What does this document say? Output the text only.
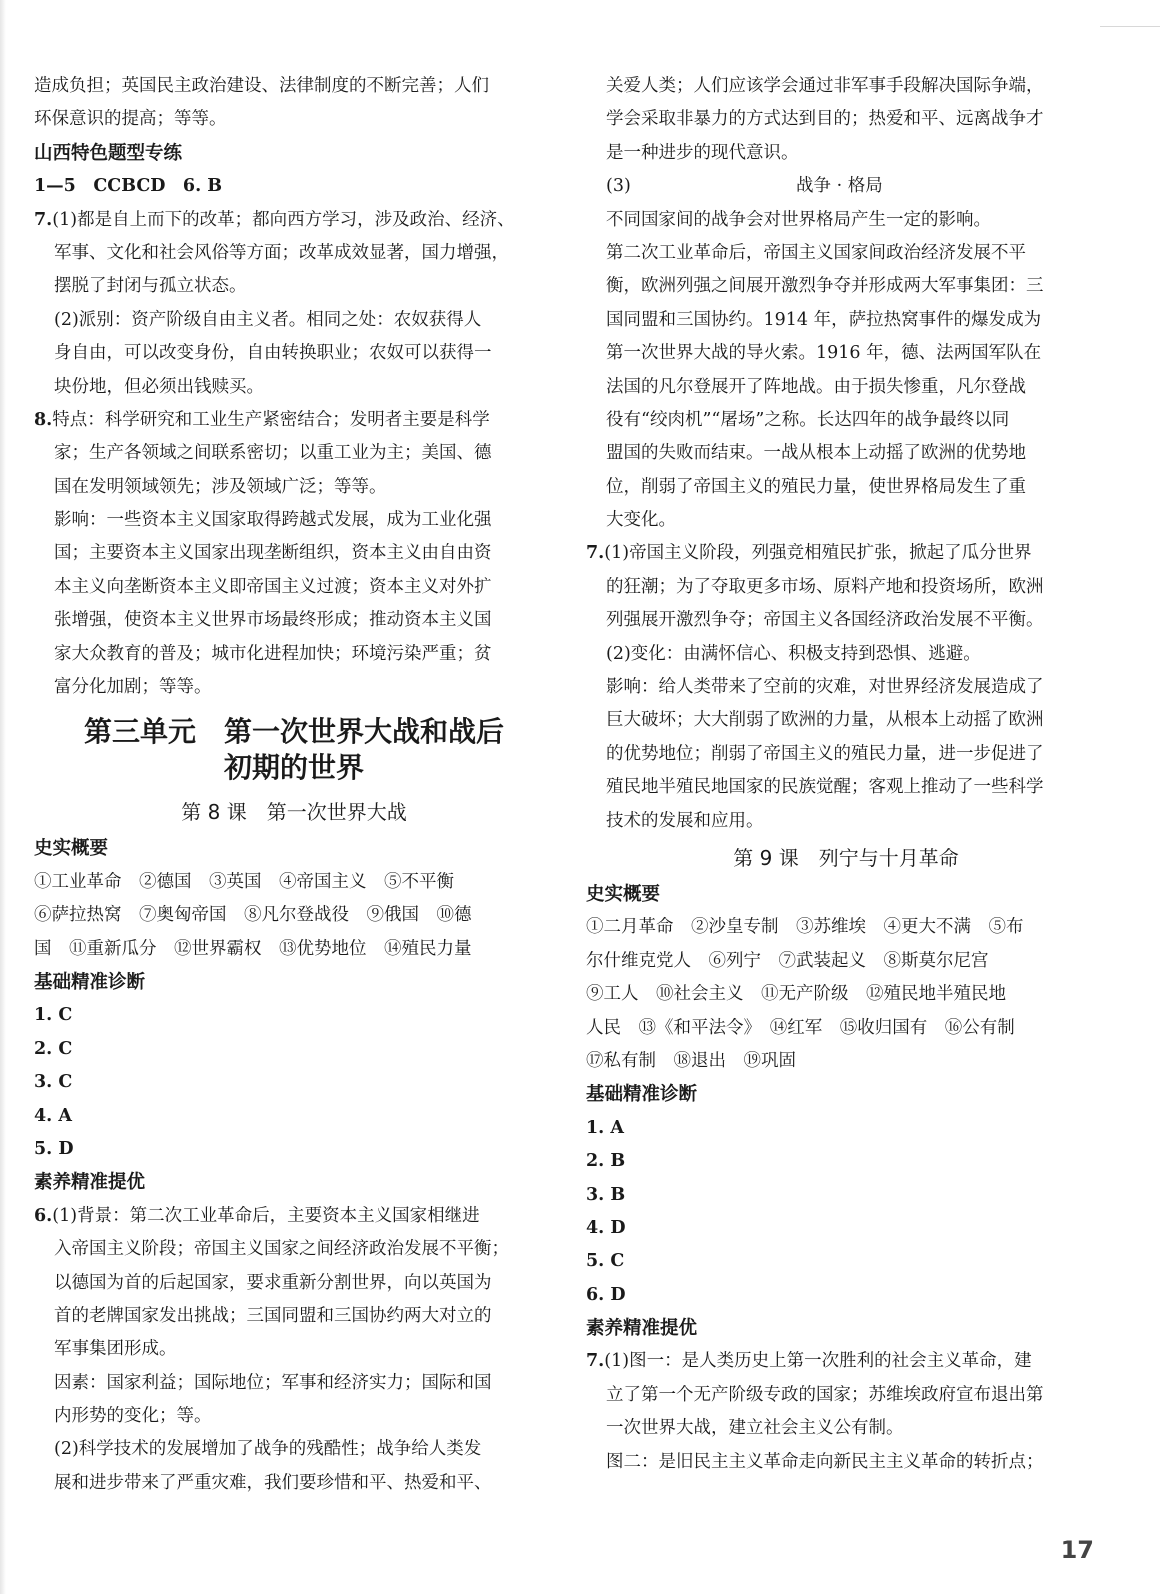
造成负担；英国民主政治建设、法律制度的不断完善；人们
环保意识的提高；等等。
山西特色题型专练
1—5　CCBCD　6. B
7.(1)都是自上而下的改革；都向西方学习，涉及政治、经济、
军事、文化和社会风俗等方面；改革成效显著，国力增强，
摆脱了封闭与孤立状态。
(2)派别：资产阶级自由主义者。相同之处：农奴获得人
身自由，可以改变身份，自由转换职业；农奴可以获得一
块份地，但必须出钱赎买。
8.特点：科学研究和工业生产紧密结合；发明者主要是科学
家；生产各领域之间联系密切；以重工业为主；美国、德
国在发明领域领先；涉及领域广泛；等等。
影响：一些资本主义国家取得跨越式发展，成为工业化强
国；主要资本主义国家出现垄断组织，资本主义由自由资
本主义向垄断资本主义即帝国主义过渡；资本主义对外扩
张增强，使资本主义世界市场最终形成；推动资本主义国
家大众教育的普及；城市化进程加快；环境污染严重；贫
富分化加剧；等等。
第三单元　第一次世界大战和战后
初期的世界
第 8 课　第一次世界大战
史实概要
①工业革命　②德国　③英国　④帝国主义　⑤不平衡
⑥萨拉热窝　⑦奥匈帝国　⑧凡尔登战役　⑨俄国　⑩德
国　⑪重新瓜分　⑫世界霸权　⑬优势地位　⑭殖民力量
基础精准诊断
1. C
2. C
3. C
4. A
5. D
素养精准提优
6.(1)背景：第二次工业革命后，主要资本主义国家相继进
入帝国主义阶段；帝国主义国家之间经济政治发展不平衡；
以德国为首的后起国家，要求重新分割世界，向以英国为
首的老牌国家发出挑战；三国同盟和三国协约两大对立的
军事集团形成。
因素：国家利益；国际地位；军事和经济实力；国际和国
内形势的变化；等。
(2)科学技术的发展增加了战争的残酷性；战争给人类发
展和进步带来了严重灾难，我们要珍惜和平、热爱和平、
关爱人类；人们应该学会通过非军事手段解决国际争端，
学会采取非暴力的方式达到目的；热爱和平、远离战争才
是一种进步的现代意识。
(3)	战争 · 格局
不同国家间的战争会对世界格局产生一定的影响。
第二次工业革命后，帝国主义国家间政治经济发展不平
衡，欧洲列强之间展开激烈争夺并形成两大军事集团：三
国同盟和三国协约。1914 年，萨拉热窝事件的爆发成为
第一次世界大战的导火索。1916 年，德、法两国军队在
法国的凡尔登展开了阵地战。由于损失惨重，凡尔登战
役有“绞肉机”“屠场”之称。长达四年的战争最终以同
盟国的失败而结束。一战从根本上动摇了欧洲的优势地
位，削弱了帝国主义的殖民力量，使世界格局发生了重
大变化。
7.(1)帝国主义阶段，列强竞相殖民扩张，掀起了瓜分世界
的狂潮；为了夺取更多市场、原料产地和投资场所，欧洲
列强展开激烈争夺；帝国主义各国经济政治发展不平衡。
(2)变化：由满怀信心、积极支持到恐惧、逃避。
影响：给人类带来了空前的灾难，对世界经济发展造成了
巨大破坏；大大削弱了欧洲的力量，从根本上动摇了欧洲
的优势地位；削弱了帝国主义的殖民力量，进一步促进了
殖民地半殖民地国家的民族觉醒；客观上推动了一些科学
技术的发展和应用。
第 9 课　列宁与十月革命
史实概要
①二月革命　②沙皇专制　③苏维埃　④更大不满　⑤布
尔什维克党人　⑥列宁　⑦武装起义　⑧斯莫尔尼宫
⑨工人　⑩社会主义　⑪无产阶级　⑫殖民地半殖民地
人民　⑬《和平法令》　⑭红军　⑮收归国有　⑯公有制
⑰私有制　⑱退出　⑲巩固
基础精准诊断
1. A
2. B
3. B
4. D
5. C
6. D
素养精准提优
7.(1)图一：是人类历史上第一次胜利的社会主义革命，建
立了第一个无产阶级专政的国家；苏维埃政府宣布退出第
一次世界大战，建立社会主义公有制。
图二：是旧民主主义革命走向新民主主义革命的转折点；
17
